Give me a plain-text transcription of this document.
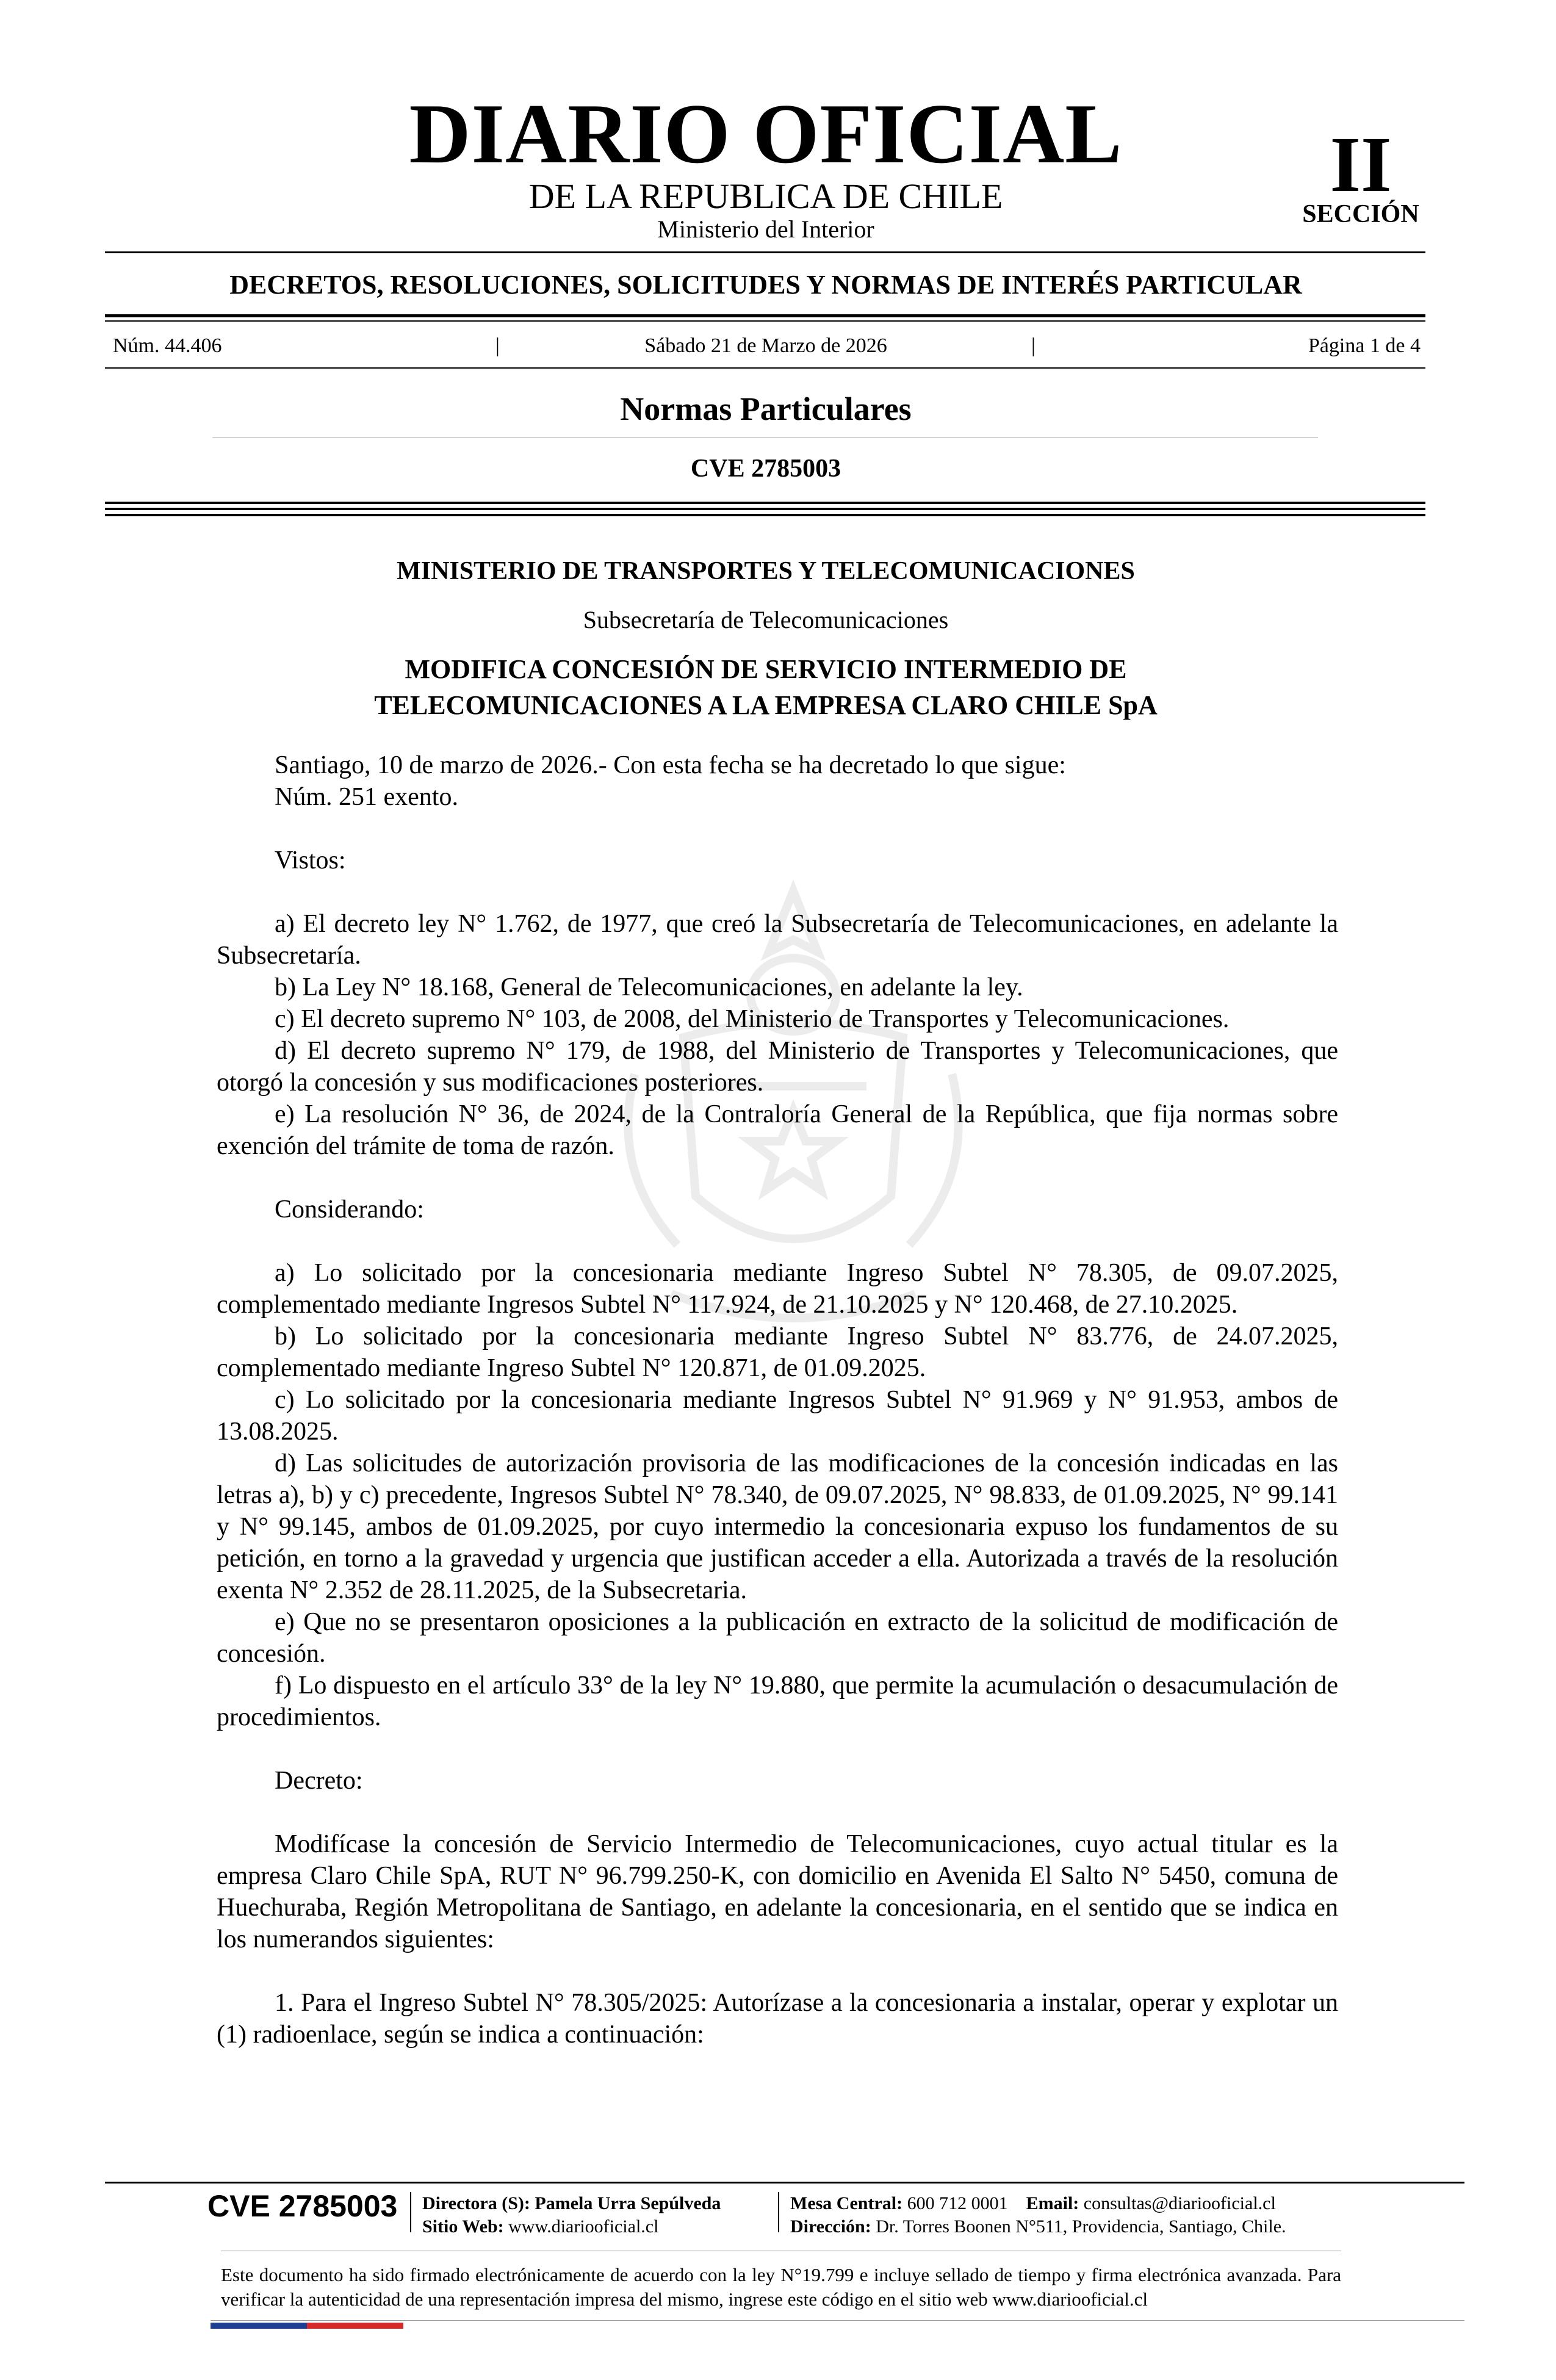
DIARIO OFICIAL
DE LA REPUBLICA DE CHILE
Ministerio del Interior
II
SECCIÓN
DECRETOS, RESOLUCIONES, SOLICITUDES Y NORMAS DE INTERÉS PARTICULAR
Núm. 44.406	|	Sábado 21 de Marzo de 2026	|	Página 1 de 4
Normas Particulares
CVE 2785003
MINISTERIO DE TRANSPORTES Y TELECOMUNICACIONES
Subsecretaría de Telecomunicaciones
MODIFICA CONCESIÓN DE SERVICIO INTERMEDIO DE
TELECOMUNICACIONES A LA EMPRESA CLARO CHILE SpA
Santiago, 10 de marzo de 2026.- Con esta fecha se ha decretado lo que sigue:
Núm. 251 exento.
Vistos:

a) El decreto ley N° 1.762, de 1977, que creó la Subsecretaría de Telecomunicaciones, en adelante la Subsecretaría.

b) La Ley N° 18.168, General de Telecomunicaciones, en adelante la ley.

c) El decreto supremo N° 103, de 2008, del Ministerio de Transportes y Telecomunicaciones.

d) El decreto supremo N° 179, de 1988, del Ministerio de Transportes y Telecomunicaciones, que otorgó la concesión y sus modificaciones posteriores.

e) La resolución N° 36, de 2024, de la Contraloría General de la República, que fija normas sobre exención del trámite de toma de razón.

Considerando:

a) Lo solicitado por la concesionaria mediante Ingreso Subtel N° 78.305, de 09.07.2025, complementado mediante Ingresos Subtel N° 117.924, de 21.10.2025 y N° 120.468, de 27.10.2025.

b) Lo solicitado por la concesionaria mediante Ingreso Subtel N° 83.776, de 24.07.2025, complementado mediante Ingreso Subtel N° 120.871, de 01.09.2025.

c) Lo solicitado por la concesionaria mediante Ingresos Subtel N° 91.969 y N° 91.953, ambos de 13.08.2025.

d) Las solicitudes de autorización provisoria de las modificaciones de la concesión indicadas en las letras a), b) y c) precedente, Ingresos Subtel N° 78.340, de 09.07.2025, N° 98.833, de 01.09.2025, N° 99.141 y N° 99.145, ambos de 01.09.2025, por cuyo intermedio la concesionaria expuso los fundamentos de su petición, en torno a la gravedad y urgencia que justifican acceder a ella. Autorizada a través de la resolución exenta N° 2.352 de 28.11.2025, de la Subsecretaria.

e) Que no se presentaron oposiciones a la publicación en extracto de la solicitud de modificación de concesión.

f) Lo dispuesto en el artículo 33° de la ley N° 19.880, que permite la acumulación o desacumulación de procedimientos.

Decreto:

Modifícase la concesión de Servicio Intermedio de Telecomunicaciones, cuyo actual titular es la empresa Claro Chile SpA, RUT N° 96.799.250-K, con domicilio en Avenida El Salto N° 5450, comuna de Huechuraba, Región Metropolitana de Santiago, en adelante la concesionaria, en el sentido que se indica en los numerandos siguientes:

1. Para el Ingreso Subtel N° 78.305/2025: Autorízase a la concesionaria a instalar, operar y explotar un (1) radioenlace, según se indica a continuación:

CVE 2785003 Directora (S): Pamela Urra Sepúlveda
Sitio Web: www.diariooficial.cl
Mesa Central: 600 712 0001 Email: consultas@diariooficial.cl
Dirección: Dr. Torres Boonen N°511, Providencia, Santiago, Chile.
Este documento ha sido firmado electrónicamente de acuerdo con la ley N°19.799 e incluye sellado de tiempo y firma electrónica avanzada. Para verificar la autenticidad de una representación impresa del mismo, ingrese este código en el sitio web www.diariooficial.cl
